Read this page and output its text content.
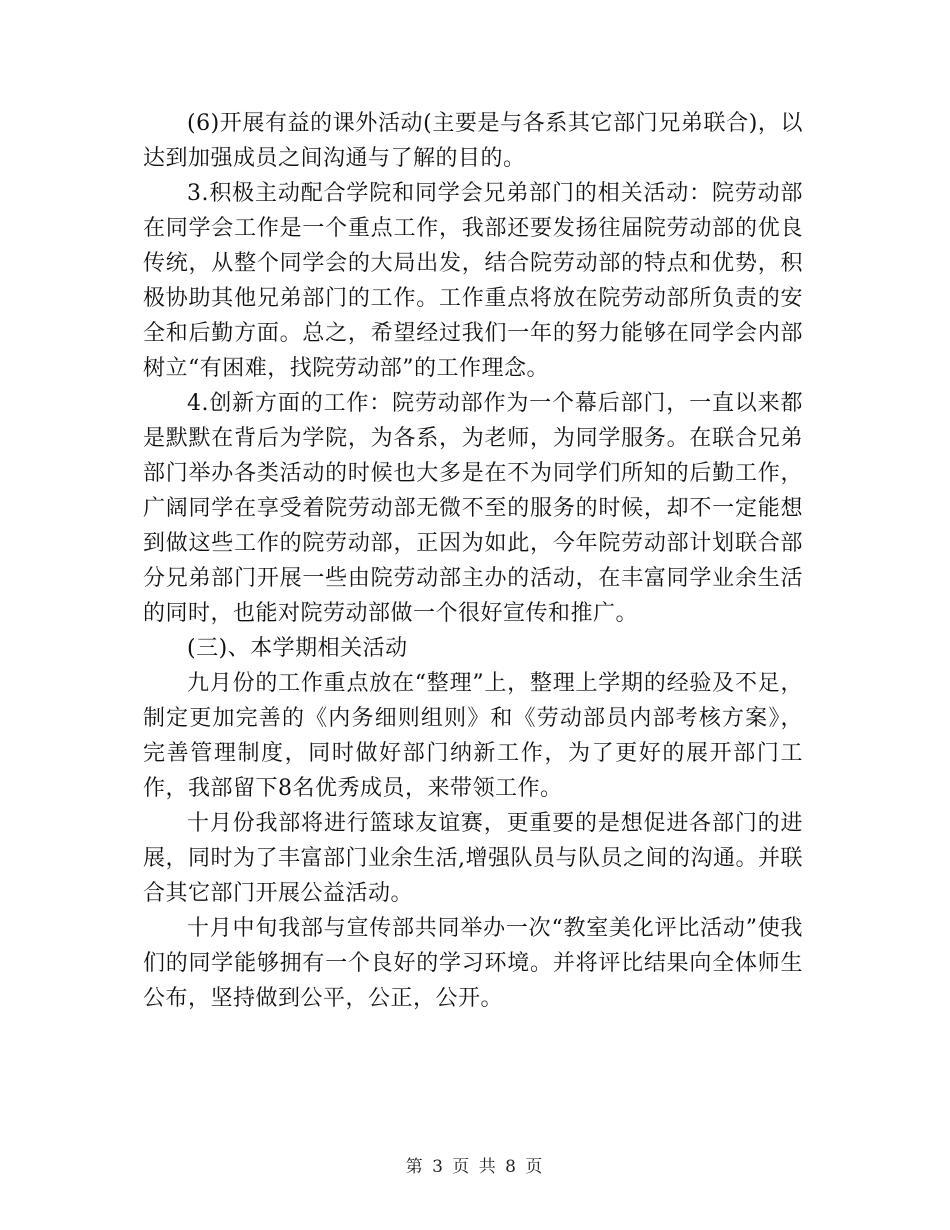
(6)开展有益的课外活动(主要是与各系其它部门兄弟联合)，以达到加强成员之间沟通与了解的目的。

3.积极主动配合学院和同学会兄弟部门的相关活动：院劳动部在同学会工作是一个重点工作，我部还要发扬往届院劳动部的优良传统，从整个同学会的大局出发，结合院劳动部的特点和优势，积极协助其他兄弟部门的工作。工作重点将放在院劳动部所负责的安全和后勤方面。总之，希望经过我们一年的努力能够在同学会内部树立“有困难，找院劳动部”的工作理念。

4.创新方面的工作：院劳动部作为一个幕后部门，一直以来都是默默在背后为学院，为各系，为老师，为同学服务。在联合兄弟部门举办各类活动的时候也大多是在不为同学们所知的后勤工作，广阔同学在享受着院劳动部无微不至的服务的时候，却不一定能想到做这些工作的院劳动部，正因为如此，今年院劳动部计划联合部分兄弟部门开展一些由院劳动部主办的活动，在丰富同学业余生活的同时，也能对院劳动部做一个很好宣传和推广。

(三)、本学期相关活动

九月份的工作重点放在“整理”上，整理上学期的经验及不足，制定更加完善的《内务细则组则》和《劳动部员内部考核方案》，完善管理制度，同时做好部门纳新工作，为了更好的展开部门工作，我部留下8名优秀成员，来带领工作。

十月份我部将进行篮球友谊赛，更重要的是想促进各部门的进展，同时为了丰富部门业余生活,增强队员与队员之间的沟通。并联合其它部门开展公益活动。

十月中旬我部与宣传部共同举办一次“教室美化评比活动”使我们的同学能够拥有一个良好的学习环境。并将评比结果向全体师生公布，坚持做到公平，公正，公开。

第 3 页 共 8 页
